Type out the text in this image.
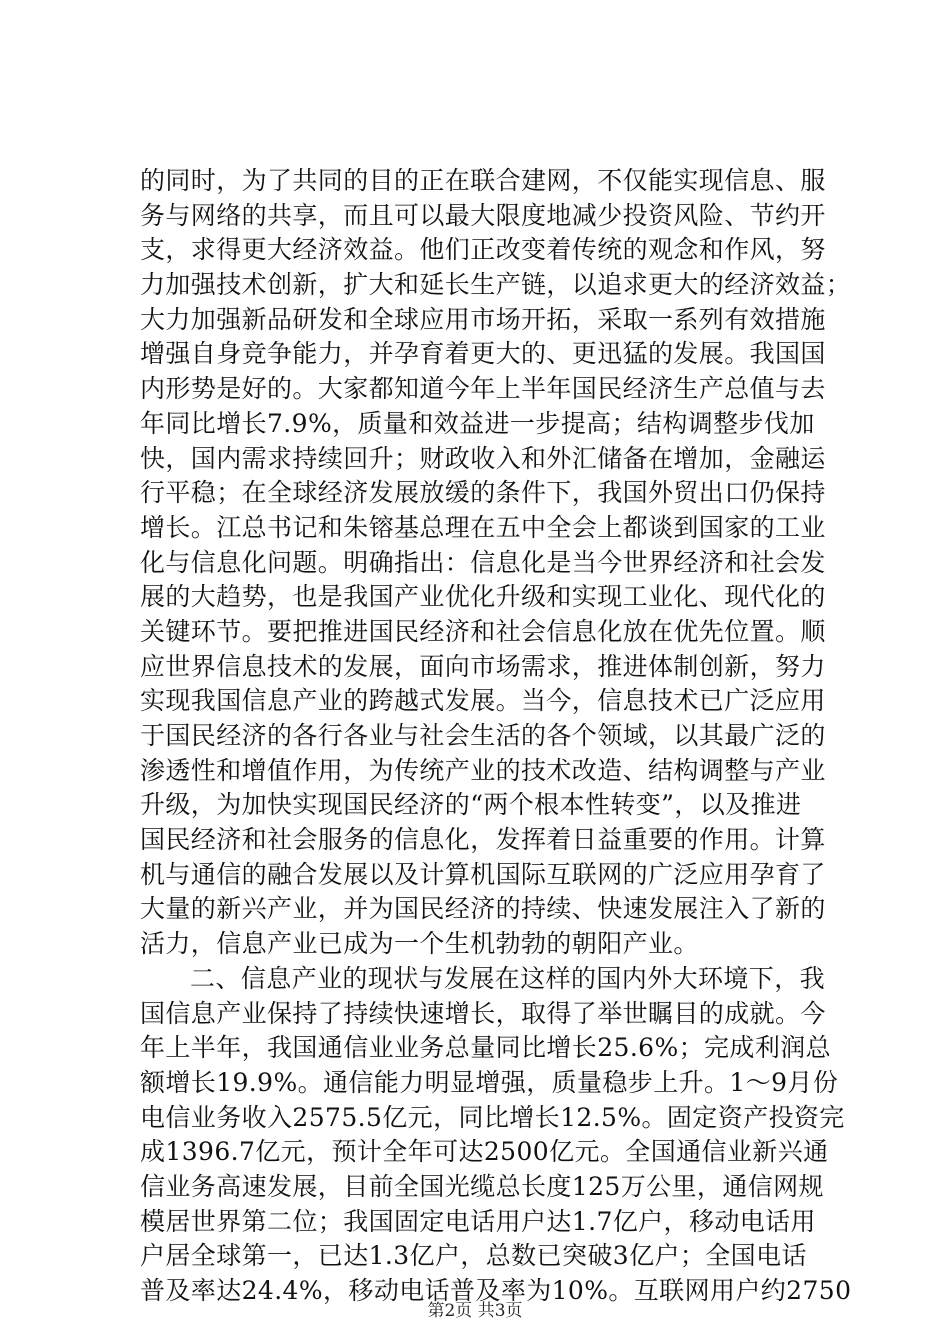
的同时，为了共同的目的正在联合建网，不仅能实现信息、服
务与网络的共享，而且可以最大限度地减少投资风险、节约开
支，求得更大经济效益。他们正改变着传统的观念和作风，努
力加强技术创新，扩大和延长生产链，以追求更大的经济效益；
大力加强新品研发和全球应用市场开拓，采取一系列有效措施
增强自身竞争能力，并孕育着更大的、更迅猛的发展。我国国
内形势是好的。大家都知道今年上半年国民经济生产总值与去
年同比增长7.9%，质量和效益进一步提高；结构调整步伐加
快，国内需求持续回升；财政收入和外汇储备在增加，金融运
行平稳；在全球经济发展放缓的条件下，我国外贸出口仍保持
增长。江总书记和朱镕基总理在五中全会上都谈到国家的工业
化与信息化问题。明确指出：信息化是当今世界经济和社会发
展的大趋势，也是我国产业优化升级和实现工业化、现代化的
关键环节。要把推进国民经济和社会信息化放在优先位置。顺
应世界信息技术的发展，面向市场需求，推进体制创新，努力
实现我国信息产业的跨越式发展。当今，信息技术已广泛应用
于国民经济的各行各业与社会生活的各个领域，以其最广泛的
渗透性和增值作用，为传统产业的技术改造、结构调整与产业
升级，为加快实现国民经济的“两个根本性转变”，以及推进
国民经济和社会服务的信息化，发挥着日益重要的作用。计算
机与通信的融合发展以及计算机国际互联网的广泛应用孕育了
大量的新兴产业，并为国民经济的持续、快速发展注入了新的
活力，信息产业已成为一个生机勃勃的朝阳产业。
二、信息产业的现状与发展在这样的国内外大环境下，我
国信息产业保持了持续快速增长，取得了举世瞩目的成就。今
年上半年，我国通信业业务总量同比增长25.6%；完成利润总
额增长19.9%。通信能力明显增强，质量稳步上升。1～9月份
电信业务收入2575.5亿元，同比增长12.5%。固定资产投资完
成1396.7亿元，预计全年可达2500亿元。全国通信业新兴通
信业务高速发展，目前全国光缆总长度125万公里，通信网规
模居世界第二位；我国固定电话用户达1.7亿户，移动电话用
户居全球第一，已达1.3亿户，总数已突破3亿户；全国电话
普及率达24.4%，移动电话普及率为10%。互联网用户约2750
第2页 共3页
